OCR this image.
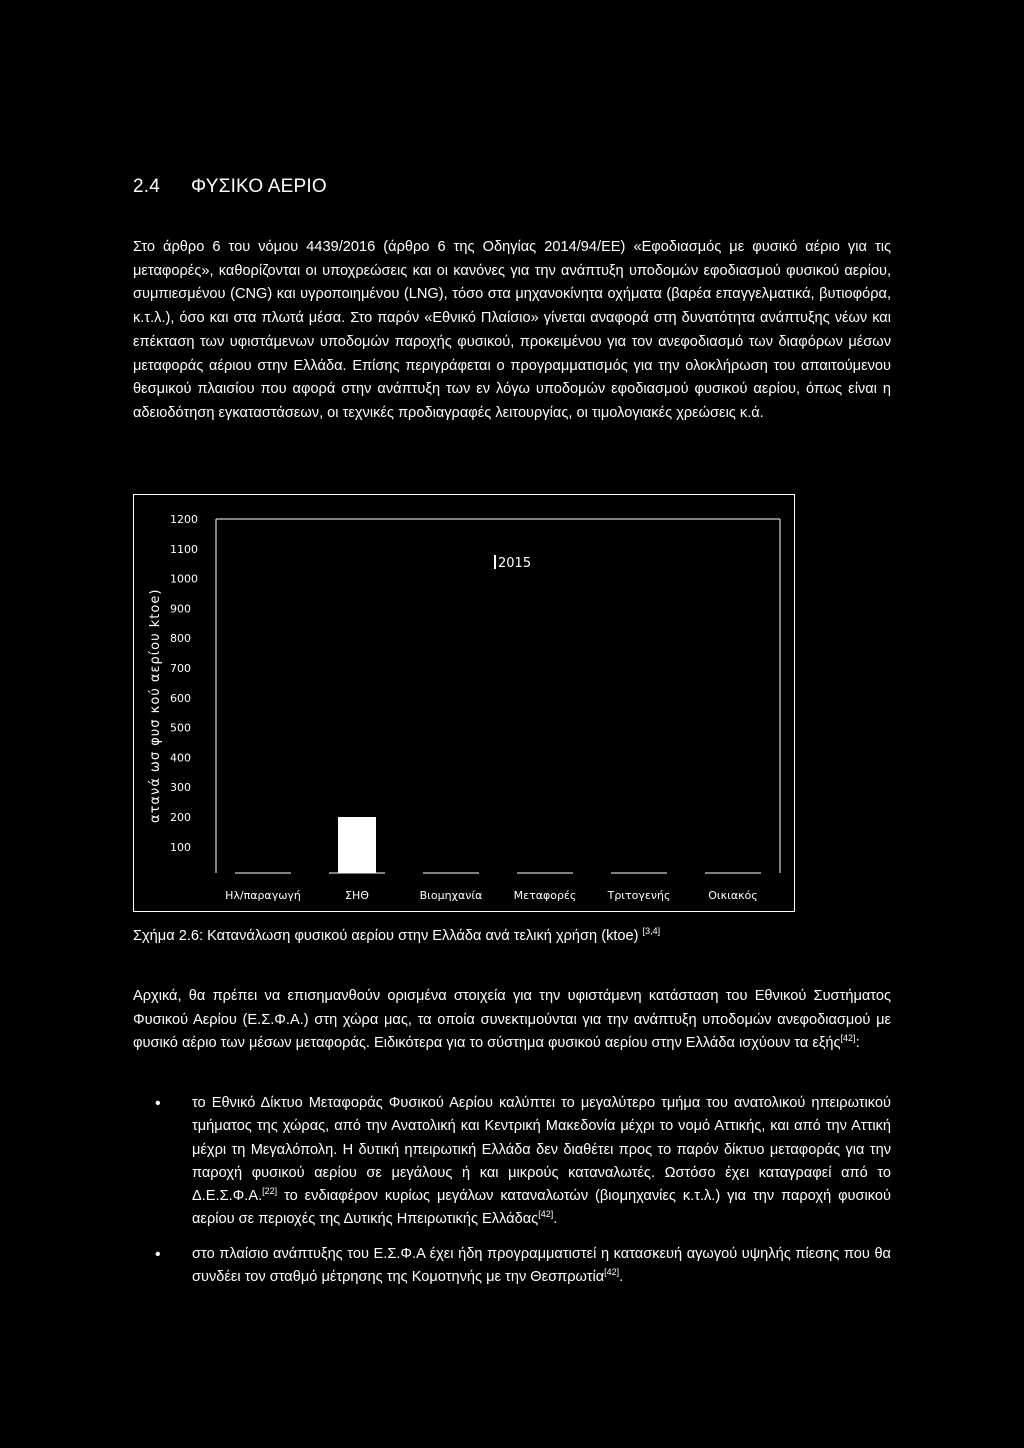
2.4 ΦΥΣΙΚΟ ΑΕΡΙΟ

Στο άρθρο 6 του νόμου 4439/2016 (άρθρο 6 της Οδηγίας 2014/94/ΕΕ) «Εφοδιασμός με φυσικό αέριο για τις μεταφορές», καθορίζονται οι υποχρεώσεις και οι κανόνες για την ανάπτυξη υποδομών εφοδιασμού φυσικού αερίου, συμπιεσμένου (CNG) και υγροποιημένου (LNG), τόσο στα μηχανοκίνητα οχήματα (βαρέα επαγγελματικά, βυτιοφόρα, κ.τ.λ.), όσο και στα πλωτά μέσα. Στο παρόν «Εθνικό Πλαίσιο» γίνεται αναφορά στη δυνατότητα ανάπτυξης νέων και επέκταση των υφιστάμενων υποδομών παροχής φυσικού, προκειμένου για τον ανεφοδιασμό των διαφόρων μέσων μεταφοράς αέριου στην Ελλάδα. Επίσης περιγράφεται ο προγραμματισμός για την ολοκλήρωση του απαιτούμενου θεσμικού πλαισίου που αφορά στην ανάπτυξη των εν λόγω υποδομών εφοδιασμού φυσικού αερίου, όπως είναι η αδειοδότηση εγκαταστάσεων, οι τεχνικές προδιαγραφές λειτουργίας, οι τιμολογιακές χρεώσεις κ.ά.

ατανά ωσ φυσ κού αερίου ktoe)
1200
1100
1000
900
800
700
600
500
400
300
200
100
Ηλ/παραγωγή	ΣΗΘ	Βιομηχανία	Μεταφορές	Τριτογενής	Οικιακός
2015
Σχήμα 2.6: Κατανάλωση φυσικού αερίου στην Ελλάδα ανά τελική χρήση (ktoe) [3,4]

Αρχικά, θα πρέπει να επισημανθούν ορισμένα στοιχεία για την υφιστάμενη κατάσταση του Εθνικού Συστήματος Φυσικού Αερίου (Ε.Σ.Φ.Α.) στη χώρα μας, τα οποία συνεκτιμούνται για την ανάπτυξη υποδομών ανεφοδιασμού με φυσικό αέριο των μέσων μεταφοράς. Ειδικότερα για το σύστημα φυσικού αερίου στην Ελλάδα ισχύουν τα εξής[42]:

• το Εθνικό Δίκτυο Μεταφοράς Φυσικού Αερίου καλύπτει το μεγαλύτερο τμήμα του ανατολικού ηπειρωτικού τμήματος της χώρας, από την Ανατολική και Κεντρική Μακεδονία μέχρι το νομό Αττικής, και από την Αττική μέχρι τη Μεγαλόπολη. Η δυτική ηπειρωτική Ελλάδα δεν διαθέτει προς το παρόν δίκτυο μεταφοράς για την παροχή φυσικού αερίου σε μεγάλους ή και μικρούς καταναλωτές. Ωστόσο έχει καταγραφεί από το Δ.Ε.Σ.Φ.Α.[22] το ενδιαφέρον κυρίως μεγάλων καταναλωτών (βιομηχανίες κ.τ.λ.) για την παροχή φυσικού αερίου σε περιοχές της Δυτικής Ηπειρωτικής Ελλάδας[42].
• στο πλαίσιο ανάπτυξης του Ε.Σ.Φ.Α έχει ήδη προγραμματιστεί η κατασκευή αγωγού υψηλής πίεσης που θα συνδέει τον σταθμό μέτρησης της Κομοτηνής με την Θεσπρωτία[42].
